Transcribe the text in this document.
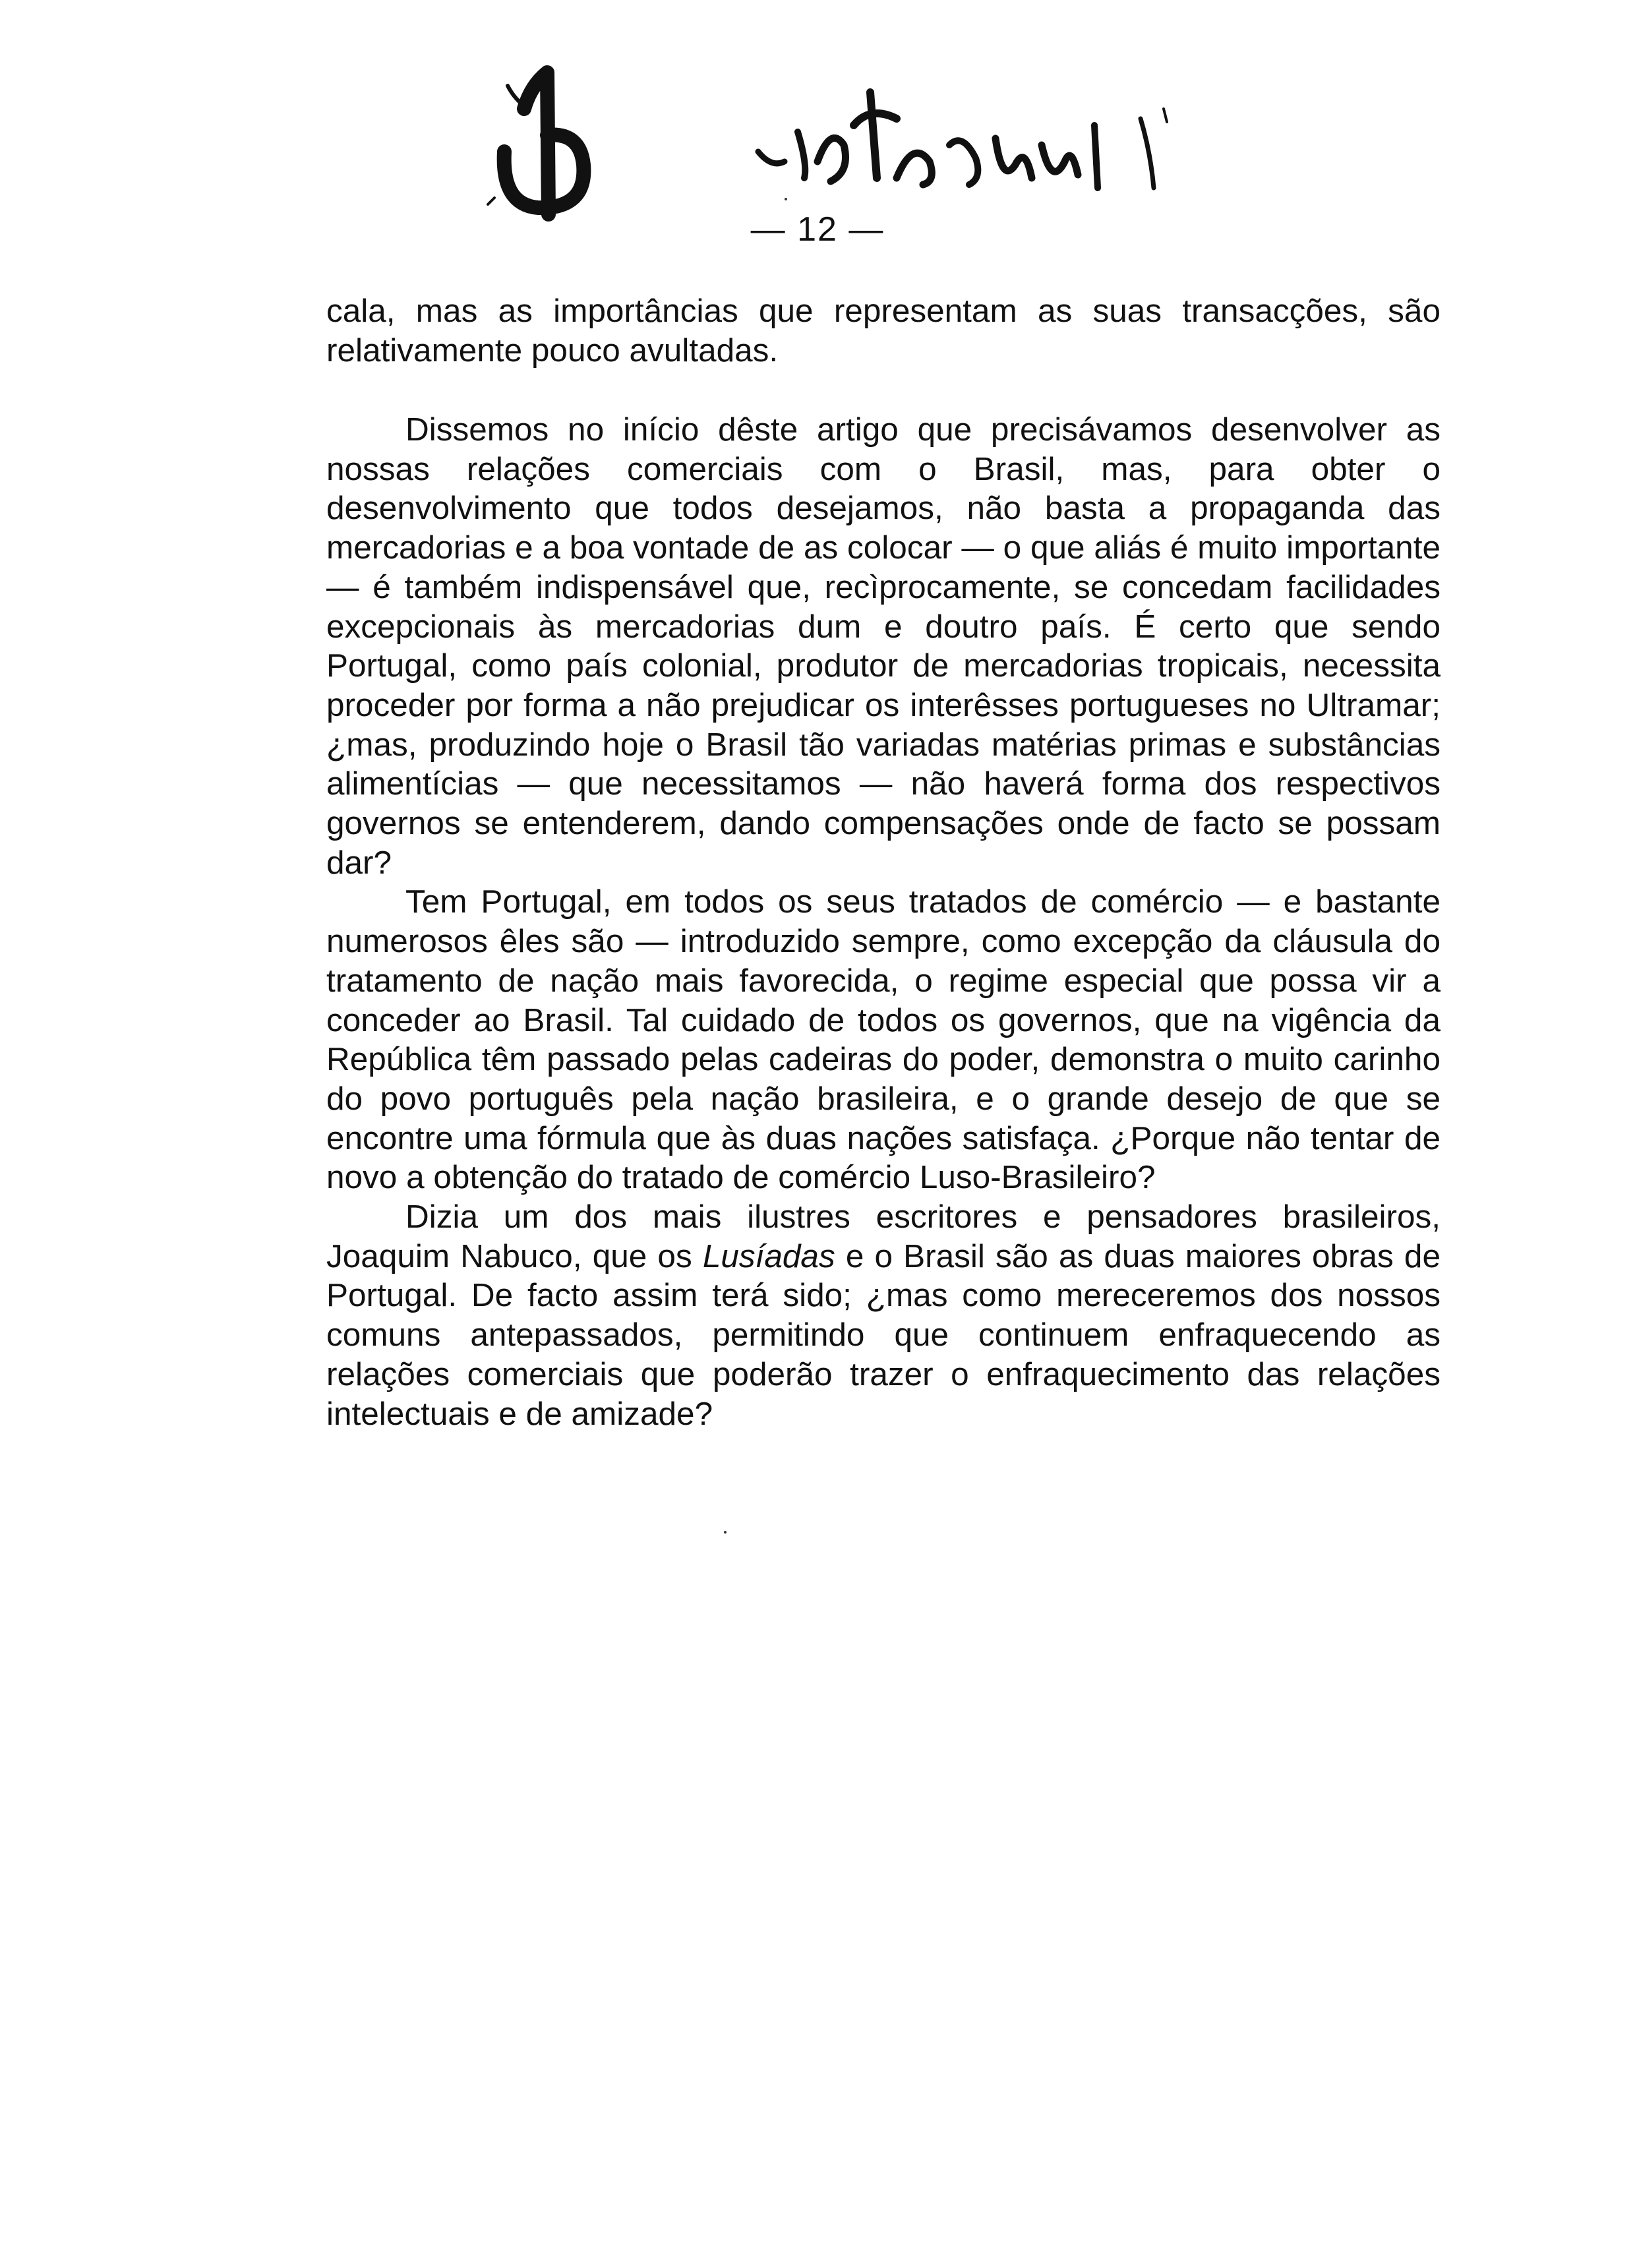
— 12 —

cala, mas as importâncias que representam as suas transacções, são relativamente pouco avultadas.

Dissemos no início dêste artigo que precisávamos desenvolver as nossas relações comerciais com o Brasil, mas, para obter o desenvolvimento que todos desejamos, não basta a propaganda das mercadorias e a boa vontade de as colocar — o que aliás é muito importante — é também indispensável que, recìprocamente, se concedam facilidades excepcionais às mercadorias dum e doutro país. É certo que sendo Portugal, como país colonial, produtor de mercadorias tropicais, necessita proceder por forma a não prejudicar os interêsses portugueses no Ultramar; ¿mas, produzindo hoje o Brasil tão variadas matérias primas e substâncias alimentícias — que necessitamos — não haverá forma dos respectivos governos se entenderem, dando compensações onde de facto se possam dar?

Tem Portugal, em todos os seus tratados de comércio — e bastante numerosos êles são — introduzido sempre, como excepção da cláusula do tratamento de nação mais favorecida, o regime especial que possa vir a conceder ao Brasil. Tal cuidado de todos os governos, que na vigência da República têm passado pelas cadeiras do poder, demonstra o muito carinho do povo português pela nação brasileira, e o grande desejo de que se encontre uma fórmula que às duas nações satisfaça. ¿Porque não tentar de novo a obtenção do tratado de comércio Luso-Brasileiro?

Dizia um dos mais ilustres escritores e pensadores brasileiros, Joaquim Nabuco, que os Lusíadas e o Brasil são as duas maiores obras de Portugal. De facto assim terá sido; ¿mas como mereceremos dos nossos comuns antepassados, permitindo que continuem enfraquecendo as relações comerciais que poderão trazer o enfraquecimento das relações intelectuais e de amizade?
